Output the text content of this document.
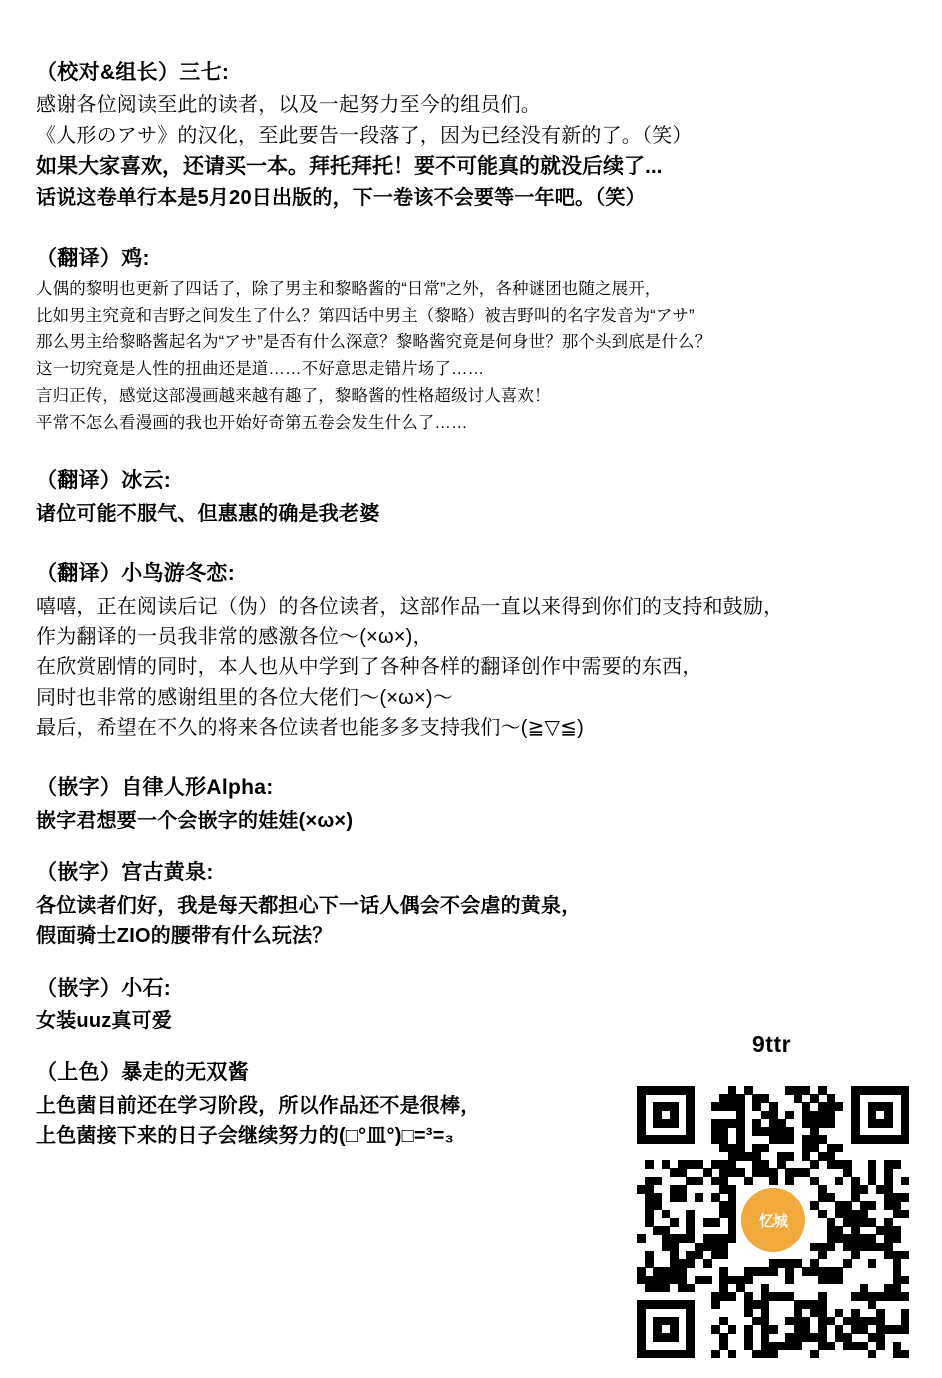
（校对&组长）三七:
感谢各位阅读至此的读者，以及一起努力至今的组员们。
《人形のアサ》的汉化，至此要告一段落了，因为已经没有新的了。（笑）
如果大家喜欢，还请买一本。拜托拜托！要不可能真的就没后续了...
话说这卷单行本是5月20日出版的，下一卷该不会要等一年吧。（笑）
（翻译）鸡:
人偶的黎明也更新了四话了，除了男主和黎略酱的“日常”之外，各种谜团也随之展开，
比如男主究竟和吉野之间发生了什么？第四话中男主（黎略）被吉野叫的名字发音为“アサ”
那么男主给黎略酱起名为“アサ”是否有什么深意？黎略酱究竟是何身世？那个头到底是什么？
这一切究竟是人性的扭曲还是道……不好意思走错片场了……
言归正传，感觉这部漫画越来越有趣了，黎略酱的性格超级讨人喜欢！
平常不怎么看漫画的我也开始好奇第五卷会发生什么了……
（翻译）冰云:
诸位可能不服气、但惠惠的确是我老婆
（翻译）小鸟游冬恋:
嘻嘻，正在阅读后记（伪）的各位读者，这部作品一直以来得到你们的支持和鼓励，
作为翻译的一员我非常的感激各位～(×ω×)，
在欣赏剧情的同时，本人也从中学到了各种各样的翻译创作中需要的东西，
同时也非常的感谢组里的各位大佬们～(×ω×)～
最后，希望在不久的将来各位读者也能多多支持我们～(≧▽≦)
（嵌字）自律人形Alpha:
嵌字君想要一个会嵌字的娃娃(×ω×)
（嵌字）宫古黄泉:
各位读者们好，我是每天都担心下一话人偶会不会虐的黄泉，
假面骑士ZIO的腰带有什么玩法？
（嵌字）小石:
女装uuz真可爱
（上色）暴走的无双酱
上色菌目前还在学习阶段，所以作品还不是很棒，
上色菌接下来的日子会继续努力的(□°皿°)□=³=₃
9ttr
忆城
